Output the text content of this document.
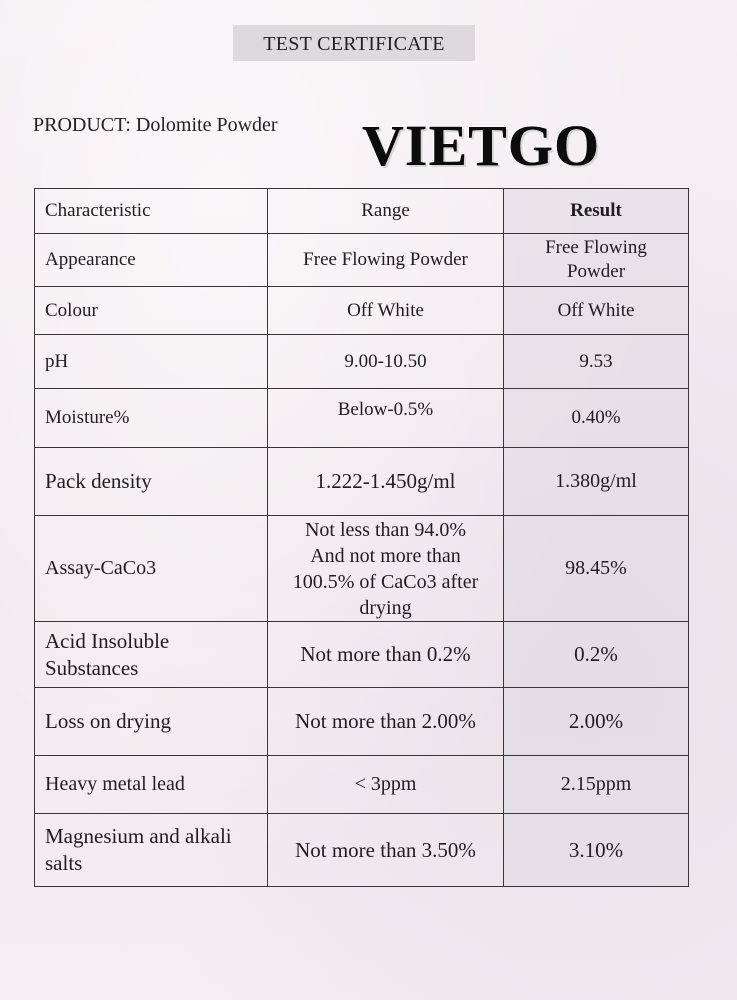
TEST CERTIFICATE
PRODUCT: Dolomite Powder VIETGO
Characteristic	Range	Result
Appearance	Free Flowing Powder	Free Flowing Powder
Colour	Off White	Off White
pH	9.00-10.50	9.53
Moisture%	Below-0.5%	0.40%
Pack density	1.222-1.450g/ml	1.380g/ml
Assay-CaCo3	Not less than 94.0% And not more than 100.5% of CaCo3 after drying	98.45%
Acid Insoluble Substances	Not more than 0.2%	0.2%
Loss on drying	Not more than 2.00%	2.00%
Heavy metal lead	< 3ppm	2.15ppm
Magnesium and alkali salts	Not more than 3.50%	3.10%
